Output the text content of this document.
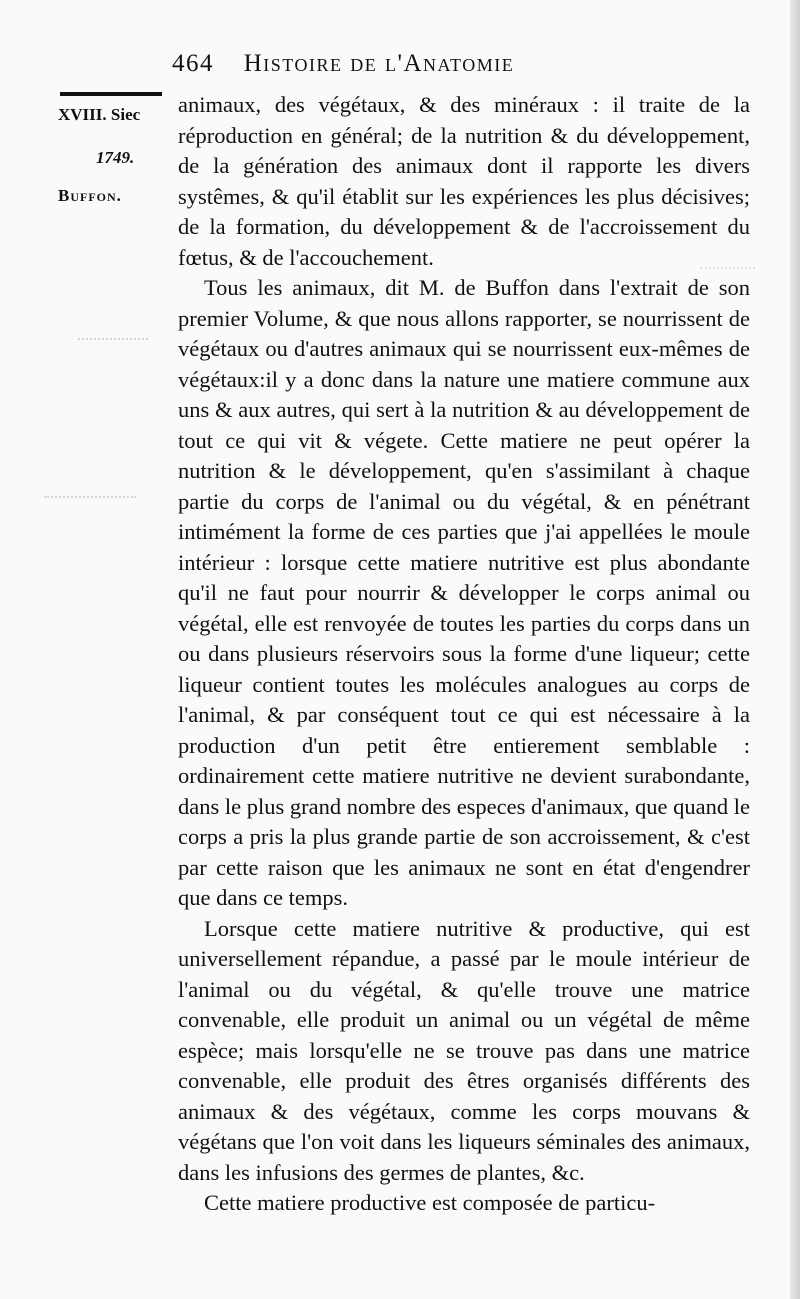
464 Histoire de l'Anatomie
XVIII. Siec
1749.
Buffon.

animaux, des végétaux, & des minéraux : il traite de la réproduction en général; de la nutrition & du développement, de la génération des animaux dont il rapporte les divers systêmes, & qu'il établit sur les expériences les plus décisives; de la formation, du développement & de l'accroissement du fœtus, & de l'accouchement.

Tous les animaux, dit M. de Buffon dans l'extrait de son premier Volume, & que nous allons rapporter, se nourrissent de végétaux ou d'autres animaux qui se nourrissent eux-mêmes de végétaux:il y a donc dans la nature une matiere commune aux uns & aux autres, qui sert à la nutrition & au développement de tout ce qui vit & végete. Cette matiere ne peut opérer la nutrition & le développement, qu'en s'assimilant à chaque partie du corps de l'animal ou du végétal, & en pénétrant intimément la forme de ces parties que j'ai appellées le moule intérieur : lorsque cette matiere nutritive est plus abondante qu'il ne faut pour nourrir & développer le corps animal ou végétal, elle est renvoyée de toutes les parties du corps dans un ou dans plusieurs réservoirs sous la forme d'une liqueur; cette liqueur contient toutes les molécules analogues au corps de l'animal, & par conséquent tout ce qui est nécessaire à la production d'un petit être entierement semblable : ordinairement cette matiere nutritive ne devient surabondante, dans le plus grand nombre des especes d'animaux, que quand le corps a pris la plus grande partie de son accroissement, & c'est par cette raison que les animaux ne sont en état d'engendrer que dans ce temps.

Lorsque cette matiere nutritive & productive, qui est universellement répandue, a passé par le moule intérieur de l'animal ou du végétal, & qu'elle trouve une matrice convenable, elle produit un animal ou un végétal de même espèce; mais lorsqu'elle ne se trouve pas dans une matrice convenable, elle produit des êtres organisés différents des animaux & des végétaux, comme les corps mouvans & végétans que l'on voit dans les liqueurs séminales des animaux, dans les infusions des germes de plantes, &c.

Cette matiere productive est composée de particu-
